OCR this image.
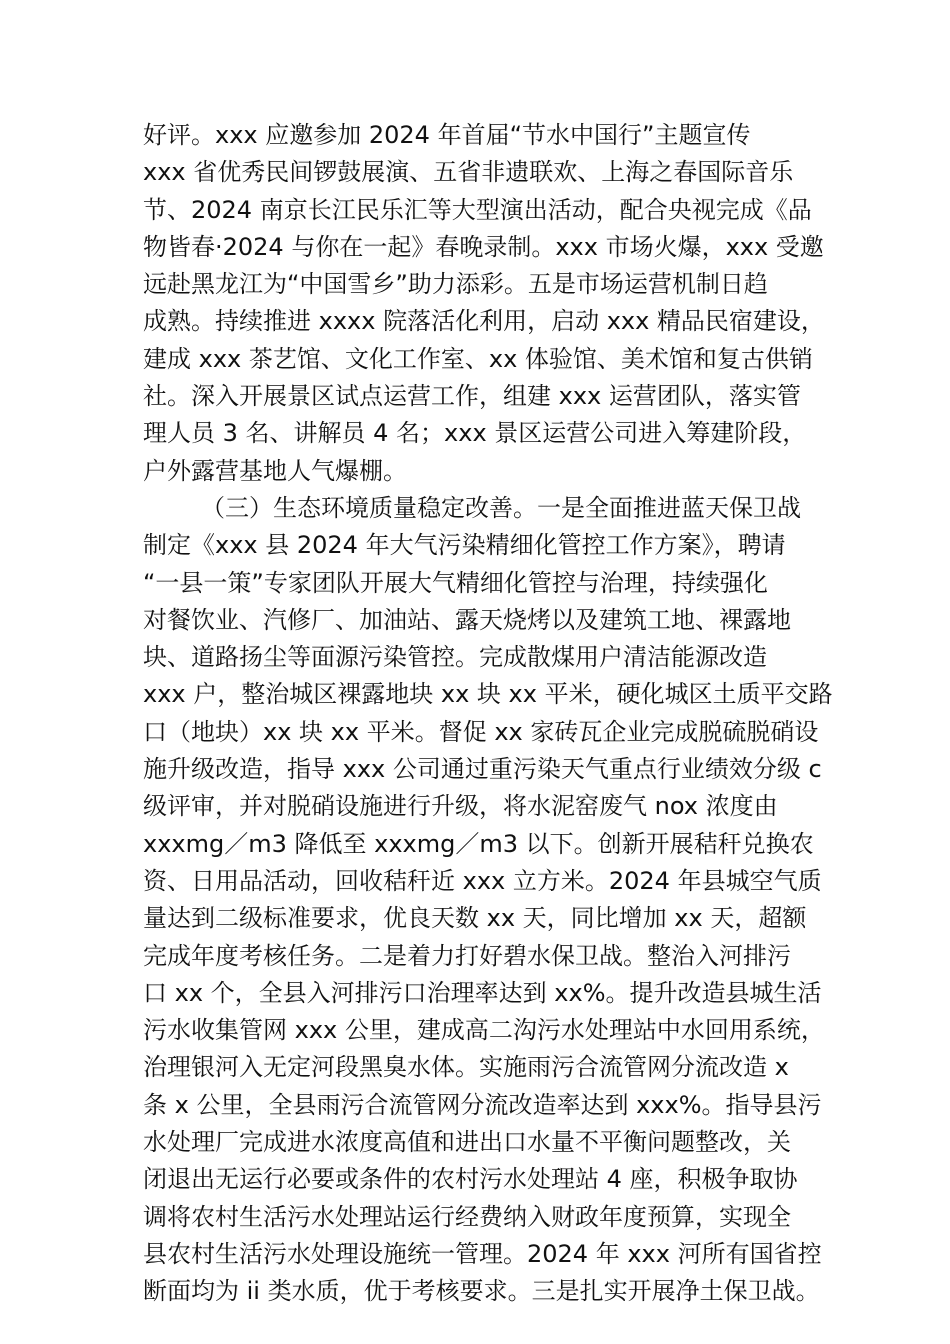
好评。xxx 应邀参加 2024 年首届“节水中国行”主题宣传
xxx 省优秀民间锣鼓展演、五省非遗联欢、上海之春国际音乐
节、2024 南京长江民乐汇等大型演出活动，配合央视完成《品
物皆春·2024 与你在一起》春晚录制。xxx 市场火爆，xxx 受邀
远赴黑龙江为“中国雪乡”助力添彩。五是市场运营机制日趋
成熟。持续推进 xxxx 院落活化利用，启动 xxx 精品民宿建设，
建成 xxx 茶艺馆、文化工作室、xx 体验馆、美术馆和复古供销
社。深入开展景区试点运营工作，组建 xxx 运营团队，落实管
理人员 3 名、讲解员 4 名；xxx 景区运营公司进入筹建阶段，
户外露营基地人气爆棚。
（三）生态环境质量稳定改善。一是全面推进蓝天保卫战
制定《xxx 县 2024 年大气污染精细化管控工作方案》，聘请
“一县一策”专家团队开展大气精细化管控与治理，持续强化
对餐饮业、汽修厂、加油站、露天烧烤以及建筑工地、裸露地
块、道路扬尘等面源污染管控。完成散煤用户清洁能源改造
xxx 户，整治城区裸露地块 xx 块 xx 平米，硬化城区土质平交路
口（地块）xx 块 xx 平米。督促 xx 家砖瓦企业完成脱硫脱硝设
施升级改造，指导 xxx 公司通过重污染天气重点行业绩效分级 c
级评审，并对脱硝设施进行升级，将水泥窑废气 nox 浓度由
xxxmg／m3 降低至 xxxmg／m3 以下。创新开展秸秆兑换农
资、日用品活动，回收秸秆近 xxx 立方米。2024 年县城空气质
量达到二级标准要求，优良天数 xx 天，同比增加 xx 天，超额
完成年度考核任务。二是着力打好碧水保卫战。整治入河排污
口 xx 个，全县入河排污口治理率达到 xx%。提升改造县城生活
污水收集管网 xxx 公里，建成高二沟污水处理站中水回用系统，
治理银河入无定河段黑臭水体。实施雨污合流管网分流改造 x
条 x 公里，全县雨污合流管网分流改造率达到 xxx%。指导县污
水处理厂完成进水浓度高值和进出口水量不平衡问题整改，关
闭退出无运行必要或条件的农村污水处理站 4 座，积极争取协
调将农村生活污水处理站运行经费纳入财政年度预算，实现全
县农村生活污水处理设施统一管理。2024 年 xxx 河所有国省控
断面均为 ii 类水质，优于考核要求。三是扎实开展净土保卫战。
